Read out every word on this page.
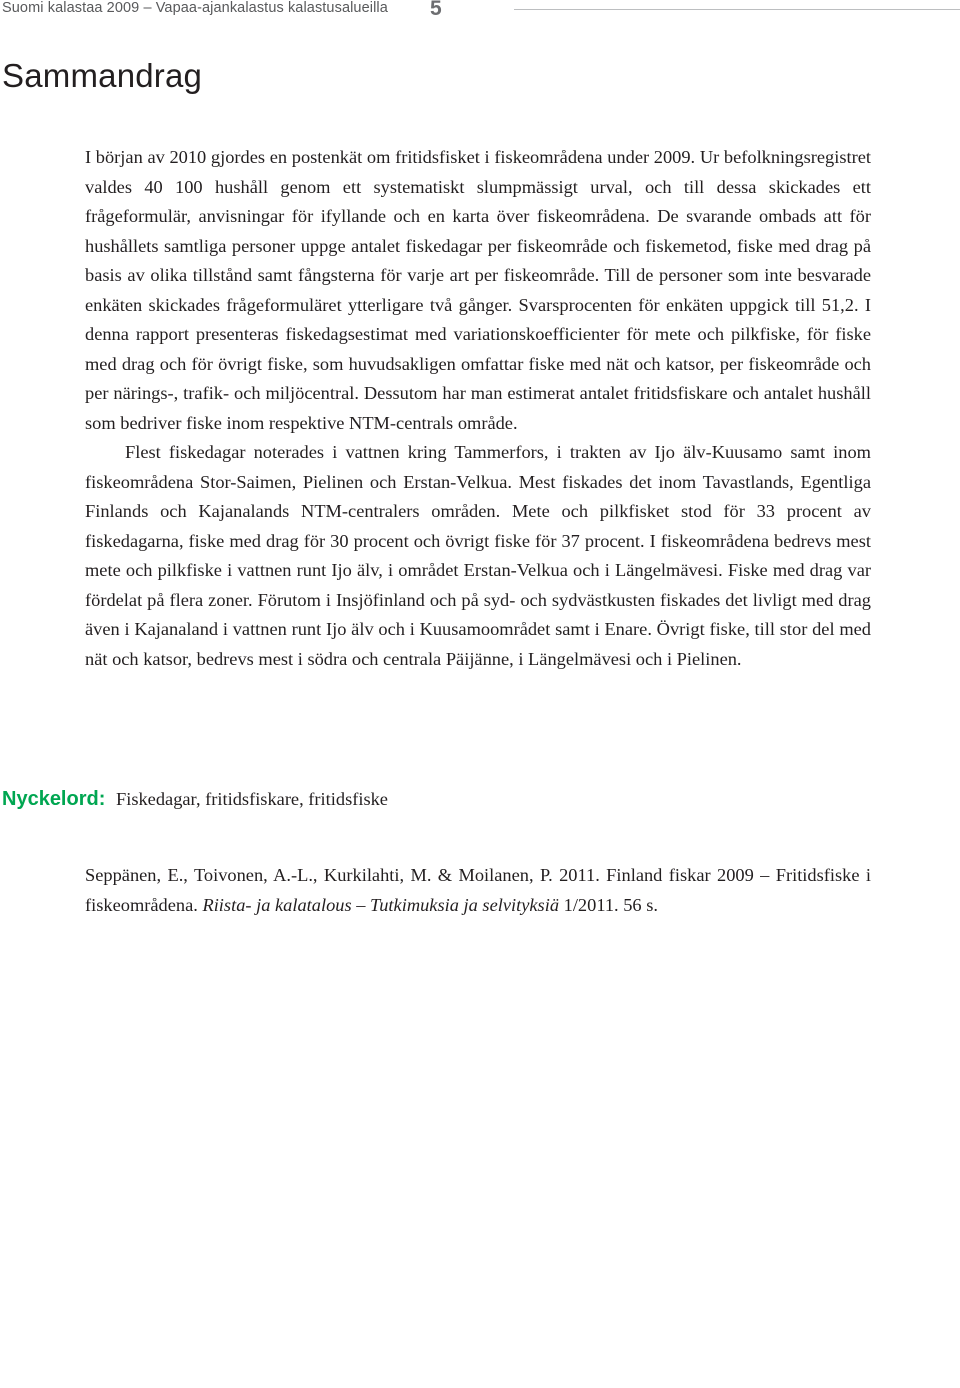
Suomi kalastaa 2009 – Vapaa-ajankalastus kalastusalueilla 5
Sammandrag

I början av 2010 gjordes en postenkät om fritidsfisket i fiskeområdena under 2009. Ur befolkningsregistret valdes 40 100 hushåll genom ett systematiskt slumpmässigt urval, och till dessa skickades ett frågeformulär, anvisningar för ifyllande och en karta över fiskeområdena. De svarande ombads att för hushållets samtliga personer uppge antalet fiskedagar per fiskeområde och fiskemetod, fiske med drag på basis av olika tillstånd samt fångsterna för varje art per fiskeområde. Till de personer som inte besvarade enkäten skickades frågeformuläret ytterligare två gånger. Svarsprocenten för enkäten uppgick till 51,2. I denna rapport presenteras fiskedagsestimat med variationskoefficienter för mete och pilkfiske, för fiske med drag och för övrigt fiske, som huvudsakligen omfattar fiske med nät och katsor, per fiskeområde och per närings-, trafik- och miljöcentral. Dessutom har man estimerat antalet fritidsfiskare och antalet hushåll som bedriver fiske inom respektive NTM-centrals område.

Flest fiskedagar noterades i vattnen kring Tammerfors, i trakten av Ijo älv-Kuusamo samt inom fiskeområdena Stor-Saimen, Pielinen och Erstan-Velkua. Mest fiskades det inom Tavastlands, Egentliga Finlands och Kajanalands NTM-centralers områden. Mete och pilkfisket stod för 33 procent av fiskedagarna, fiske med drag för 30 procent och övrigt fiske för 37 procent. I fiskeområdena bedrevs mest mete och pilkfiske i vattnen runt Ijo älv, i området Erstan-Velkua och i Längelmävesi. Fiske med drag var fördelat på flera zoner. Förutom i Insjöfinland och på syd- och sydvästkusten fiskades det livligt med drag även i Kajanaland i vattnen runt Ijo älv och i Kuusamoområdet samt i Enare. Övrigt fiske, till stor del med nät och katsor, bedrevs mest i södra och centrala Päijänne, i Längelmävesi och i Pielinen.

Nyckelord: Fiskedagar, fritidsfiskare, fritidsfiske
Seppänen, E., Toivonen, A.-L., Kurkilahti, M. & Moilanen, P. 2011. Finland fiskar 2009 – Fritidsfiske i fiskeområdena. Riista- ja kalatalous – Tutkimuksia ja selvityksiä 1/2011. 56 s.
